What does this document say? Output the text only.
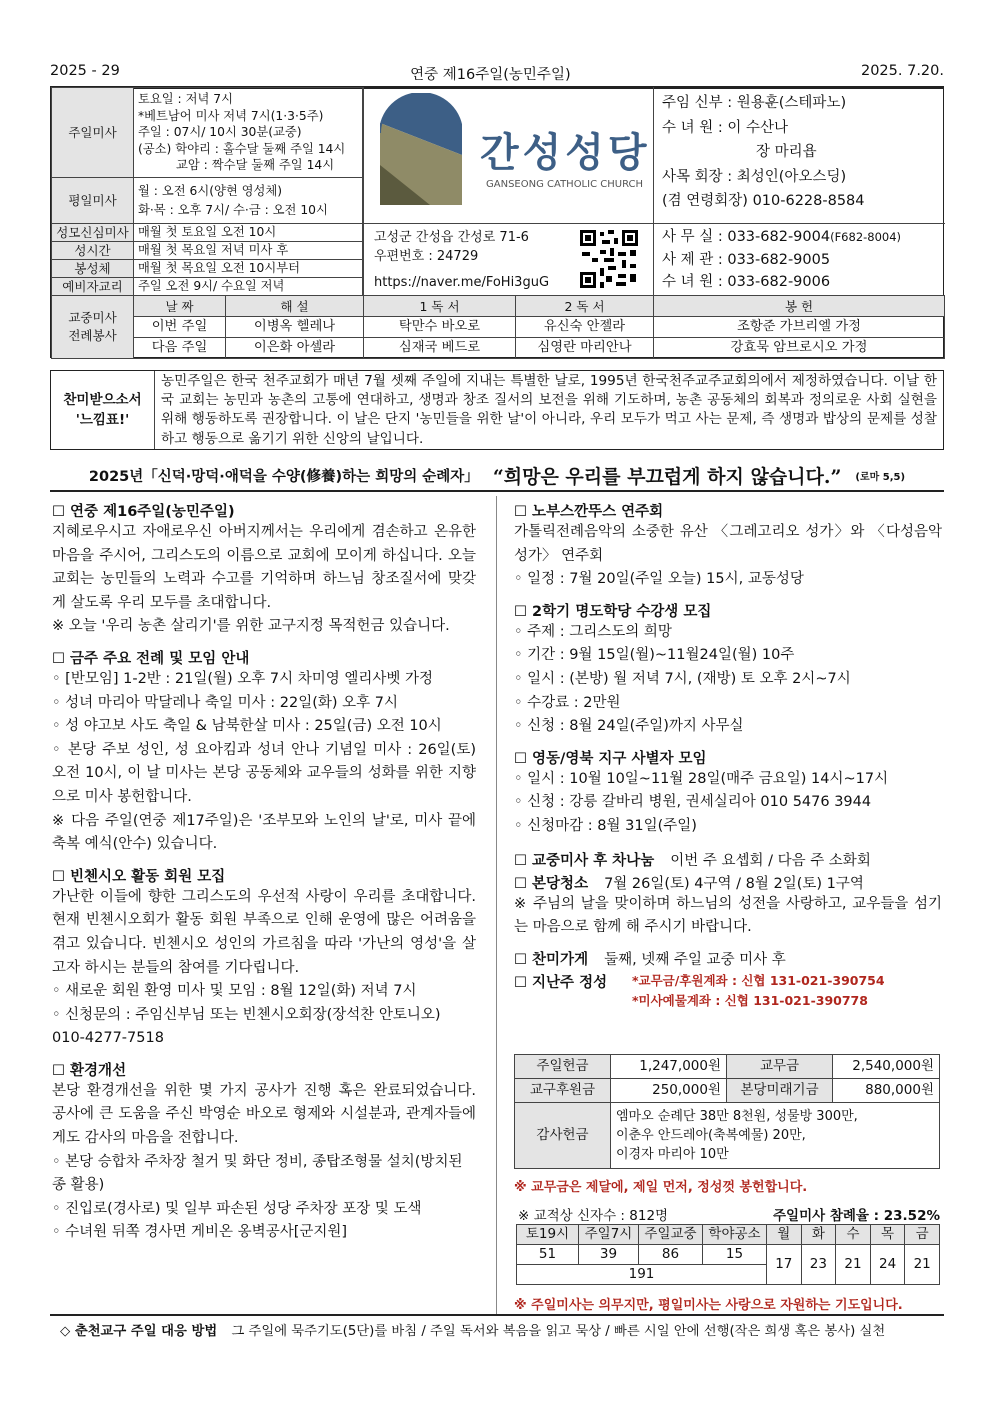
2025 - 29	연중 제16주일(농민주일)	2025. 7.20.
주일미사	토요일 : 저녁 7시
*베트남어 미사 저녁 7시(1·3·5주)
주일 : 07시/ 10시 30분(교중)
(공소) 학야리 : 홀수달 둘째 주일 14시
교암 : 짝수달 둘째 주일 14시

평일미사	월 : 오전 6시(양현 영성체)
화·목 : 오후 7시/ 수·금 : 오전 10시

성모신심미사	매월 첫 토요일 오전 10시
성시간	매월 첫 목요일 저녁 미사 후
봉성체	매월 첫 목요일 오전 10시부터
예비자교리	주일 오전 9시/ 수요일 저녁
간성성당
GANSEONG CATHOLIC CHURCH
주임 신부 : 원용훈(스테파노)
수 녀 원 : 이 수산나
장 마리욥
사목 회장 : 최성인(아오스딩)
(겸 연령회장) 010-6228-8584
고성군 간성읍 간성로 71-6
우편번호 : 24729
https://naver.me/FoHi3guG
사 무 실 : 033-682-9004(F682-8004)
사 제 관 : 033-682-9005
수 녀 원 : 033-682-9006
교중미사
전례봉사	날 짜	해 설	1 독 서	2 독 서	봉 헌
	이번 주일	이병옥 헬레나	탁만수 바오로	유신숙 안젤라	조항준 가브리엘 가정
	다음 주일	이은화 아셀라	심재국 베드로	심영란 마리안나	강효묵 암브로시오 가정
찬미받으소서
'느낌표!'
농민주일은 한국 천주교회가 매년 7월 셋째 주일에 지내는 특별한 날로, 1995년 한국천주교주교회의에서 제정하였습니다. 이날 한국 교회는 농민과 농촌의 고통에 연대하고, 생명과 창조 질서의 보전을 위해 기도하며, 농촌 공동체의 회복과 정의로운 사회 실현을 위해 행동하도록 권장합니다. 이 날은 단지 '농민들을 위한 날'이 아니라, 우리 모두가 먹고 사는 문제, 즉 생명과 밥상의 문제를 성찰하고 행동으로 옮기기 위한 신앙의 날입니다.
2025년「신덕·망덕·애덕을 수양(修養)하는 희망의 순례자」 “희망은 우리를 부끄럽게 하지 않습니다.” (로마 5,5)
☐ 연중 제16주일(농민주일)

지혜로우시고 자애로우신 아버지께서는 우리에게 겸손하고 온유한 마음을 주시어, 그리스도의 이름으로 교회에 모이게 하십니다. 오늘 교회는 농민들의 노력과 수고를 기억하며 하느님 창조질서에 맞갖게 살도록 우리 모두를 초대합니다.

※ 오늘 '우리 농촌 살리기'를 위한 교구지정 목적헌금 있습니다.

☐ 금주 주요 전례 및 모임 안내

◦ [반모임] 1-2반 : 21일(월) 오후 7시 차미영 엘리사벳 가정

◦ 성녀 마리아 막달레나 축일 미사 : 22일(화) 오후 7시

◦ 성 야고보 사도 축일 & 남북한살 미사 : 25일(금) 오전 10시

◦ 본당 주보 성인, 성 요아킴과 성녀 안나 기념일 미사 : 26일(토) 오전 10시, 이 날 미사는 본당 공동체와 교우들의 성화를 위한 지향으로 미사 봉헌합니다.

※ 다음 주일(연중 제17주일)은 '조부모와 노인의 날'로, 미사 끝에 축복 예식(안수) 있습니다.

☐ 빈첸시오 활동 회원 모집

가난한 이들에 향한 그리스도의 우선적 사랑이 우리를 초대합니다. 현재 빈첸시오회가 활동 회원 부족으로 인해 운영에 많은 어려움을 겪고 있습니다. 빈첸시오 성인의 가르침을 따라 '가난의 영성'을 살고자 하시는 분들의 참여를 기다립니다.

◦ 새로운 회원 환영 미사 및 모임 : 8월 12일(화) 저녁 7시

◦ 신청문의 : 주임신부님 또는 빈첸시오회장(장석찬 안토니오) 010-4277-7518

☐ 환경개선

본당 환경개선을 위한 몇 가지 공사가 진행 혹은 완료되었습니다. 공사에 큰 도움을 주신 박영순 바오로 형제와 시설분과, 관계자들에게도 감사의 마음을 전합니다.

◦ 본당 승합차 주차장 철거 및 화단 정비, 종탑조형물 설치(방치된 종 활용)

◦ 진입로(경사로) 및 일부 파손된 성당 주차장 포장 및 도색

◦ 수녀원 뒤쪽 경사면 게비온 옹벽공사[군지원]

☐ 노부스깐뚜스 연주회

가톨릭전례음악의 소중한 유산 〈그레고리오 성가〉와 〈다성음악 성가〉 연주회

◦ 일정 : 7월 20일(주일 오늘) 15시, 교동성당

☐ 2학기 명도학당 수강생 모집

◦ 주제 : 그리스도의 희망

◦ 기간 : 9월 15일(월)~11월24일(월) 10주

◦ 일시 : (본방) 월 저녁 7시, (재방) 토 오후 2시~7시

◦ 수강료 : 2만원

◦ 신청 : 8월 24일(주일)까지 사무실

☐ 영동/영북 지구 사별자 모임

◦ 일시 : 10월 10일~11월 28일(매주 금요일) 14시~17시

◦ 신청 : 강릉 갈바리 병원, 권세실리아 010 5476 3944

◦ 신청마감 : 8월 31일(주일)

☐ 교중미사 후 차나눔 이번 주 요셉회 / 다음 주 소화회
☐ 본당청소 7월 26일(토) 4구역 / 8월 2일(토) 1구역

※ 주님의 날을 맞이하며 하느님의 성전을 사랑하고, 교우들을 섬기는 마음으로 함께 해 주시기 바랍니다.

☐ 찬미가게 둘째, 넷째 주일 교중 미사 후
☐ 지난주 정성	*교무금/후원계좌 : 신협 131-021-390754
*미사예물계좌 : 신협 131-021-390778
주일헌금	1,247,000원	교무금	2,540,000원
교구후원금	250,000원	본당미래기금	880,000원
감사헌금	엠마오 순례단 38만 8천원, 성물방 300만,
이춘우 안드레아(축복예물) 20만,
이경자 마리아 10만		
※ 교무금은 제달에, 제일 먼저, 정성껏 봉헌합니다.
※ 교적상 신자수 : 812명	주일미사 참례율 : 23.52%
토19시	주일7시	주일교중	학야공소	월	화	수	목	금
51	39	86	15	17	23	21	24	21
191								
※ 주일미사는 의무지만, 평일미사는 사랑으로 자원하는 기도입니다.
◇ 춘천교구 주일 대응 방법 그 주일에 묵주기도(5단)를 바침 / 주일 독서와 복음을 읽고 묵상 / 빠른 시일 안에 선행(작은 희생 혹은 봉사) 실천
